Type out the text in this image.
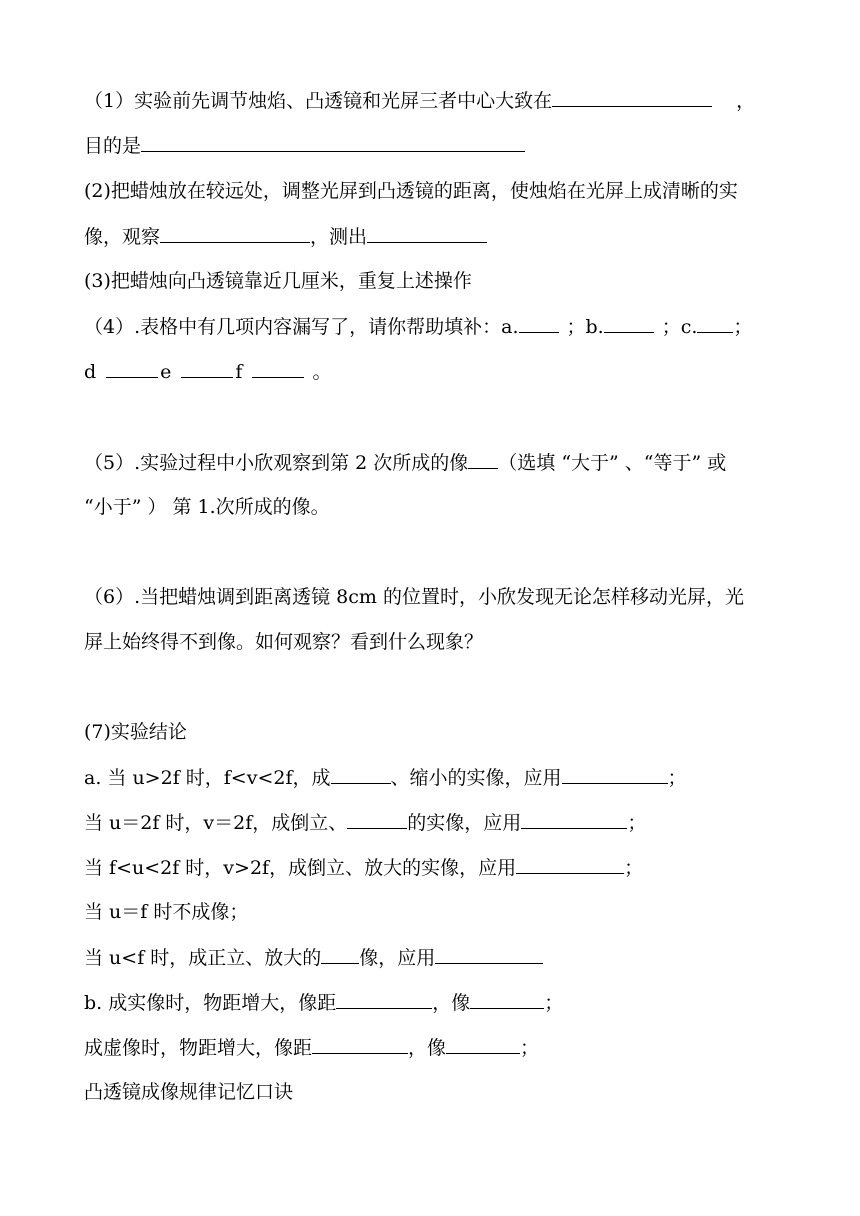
（1）实验前先调节烛焰、凸透镜和光屏三者中心大致在	，
目的是
(2)把蜡烛放在较远处，调整光屏到凸透镜的距离，使烛焰在光屏上成清晰的实
像，观察	，测出
(3)把蜡烛向凸透镜靠近几厘米，重复上述操作
（4）.表格中有几项内容漏写了，请你帮助填补：a.	；b.	；c. ；
d	e	f	。
（5）.实验过程中小欣观察到第 2 次所成的像 （选填 “大于” 、“等于” 或
“小于” ） 第 1.次所成的像。
（6）.当把蜡烛调到距离透镜 8cm 的位置时，小欣发现无论怎样移动光屏，光
屏上始终得不到像。如何观察？看到什么现象？
(7)实验结论
a. 当 u>2f 时，f<v<2f，成	、缩小的实像，应用	；
当 u＝2f 时，v＝2f，成倒立、	的实像，应用	；
当 f<u<2f 时，v>2f，成倒立、放大的实像，应用	；
当 u＝f 时不成像；
当 u<f 时，成正立、放大的 像，应用
b. 成实像时，物距增大，像距	，像	；
成虚像时，物距增大，像距	，像	；
凸透镜成像规律记忆口诀
